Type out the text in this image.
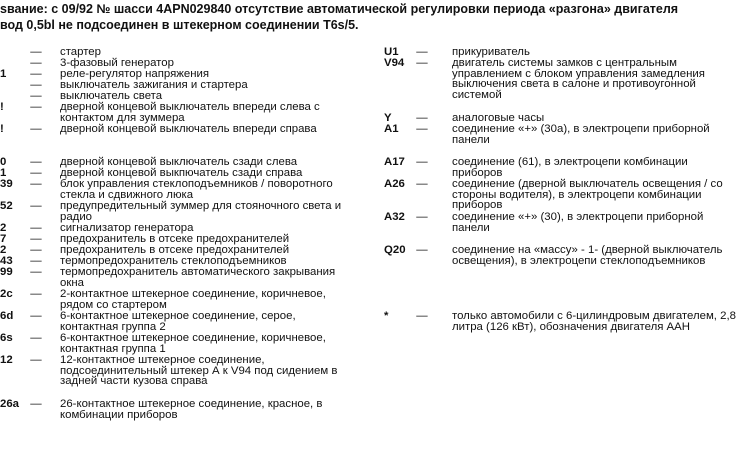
ѕвание: с 09/92 № шасси 4APN029840 отсутствие автоматической регулировки периода «разгона» двигателя
вод 0,5bl не подсоединен в штекерном соединении T6s/5.
— стартер
— 3-фазовый генератор
1 — реле-регулятор напряжения
— выключатель зажигания и стартера
— выключатель света
! — дверной концевой выключатель впереди слева с контактом для зуммера
! — дверной концевой выключатель впереди справа
0 — дверной концевой выключатель сзади слева
1 — дверной концевой выкпючатель сзади справа
39 — блок управления стеклоподъемников / поворотного стекла и сдвижного люка
52 — предупредительный зуммер для стояночного света и радио
2 — сигнализатор генератора
7 — предохранитель в отсеке предохранителей
2 — предохранитель в отсеке предохранителей
43 — термопредохранитель стеклоподъемников
99 — термопредохранитель автоматического закрывания окна
2c — 2-контактное штекерное соединение, коричневое, рядом со стартером
6d — 6-контактное штекерное соединение, серое, контактная группа 2
6s — 6-контактное штекерное соединение, коричневое, контактная группа 1
12 — 12-контактное штекерное соединение, подсоединительный штекер А к V94 под сидением в задней части кузова справа
26a — 26-контактное штекерное соединение, красное, в комбинации приборов
U1 — прикуриватель
V94 — двигатель системы замков с центральным управлением с блоком управления замедления выключения света в салоне и противоугонной системой
Y — аналоговые часы
A1 — соединение «+» (30а), в электроцепи приборной панели
A17 — соединение (61), в электроцепи комбинации приборов
A26 — соединение (дверной выключатель освещения / со стороны водителя), в электроцепи комбинации приборов
A32 — соединение «+» (30), в электроцепи приборной панели
Q20 — соединение на «массу» - 1- (дверной выключатель освещения), в электроцепи стеклоподъемников
* — только автомобили с 6-цилиндровым двигателем, 2,8 литра (126 кВт), обозначения двигателя AAH
